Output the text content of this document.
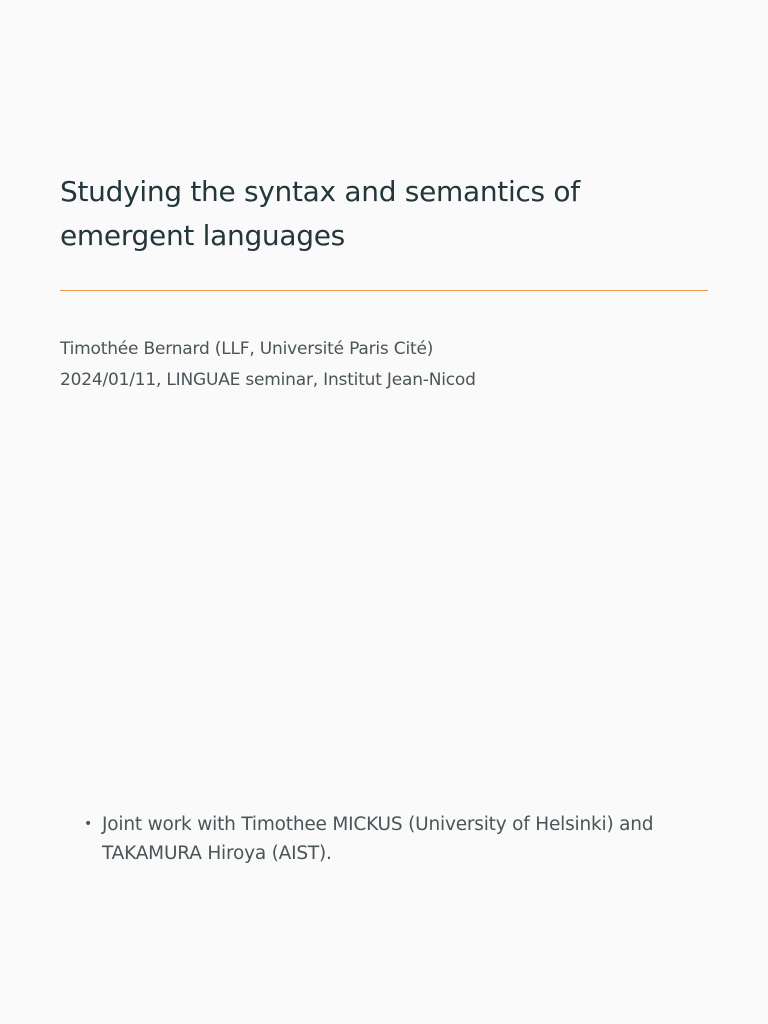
Studying the syntax and semantics of emergent languages

Timothée Bernard (LLF, Université Paris Cité)

2024/01/11, LINGUAE seminar, Institut Jean-Nicod

• Joint work with Timothee MICKUS (University of Helsinki) and TAKAMURA Hiroya (AIST).
